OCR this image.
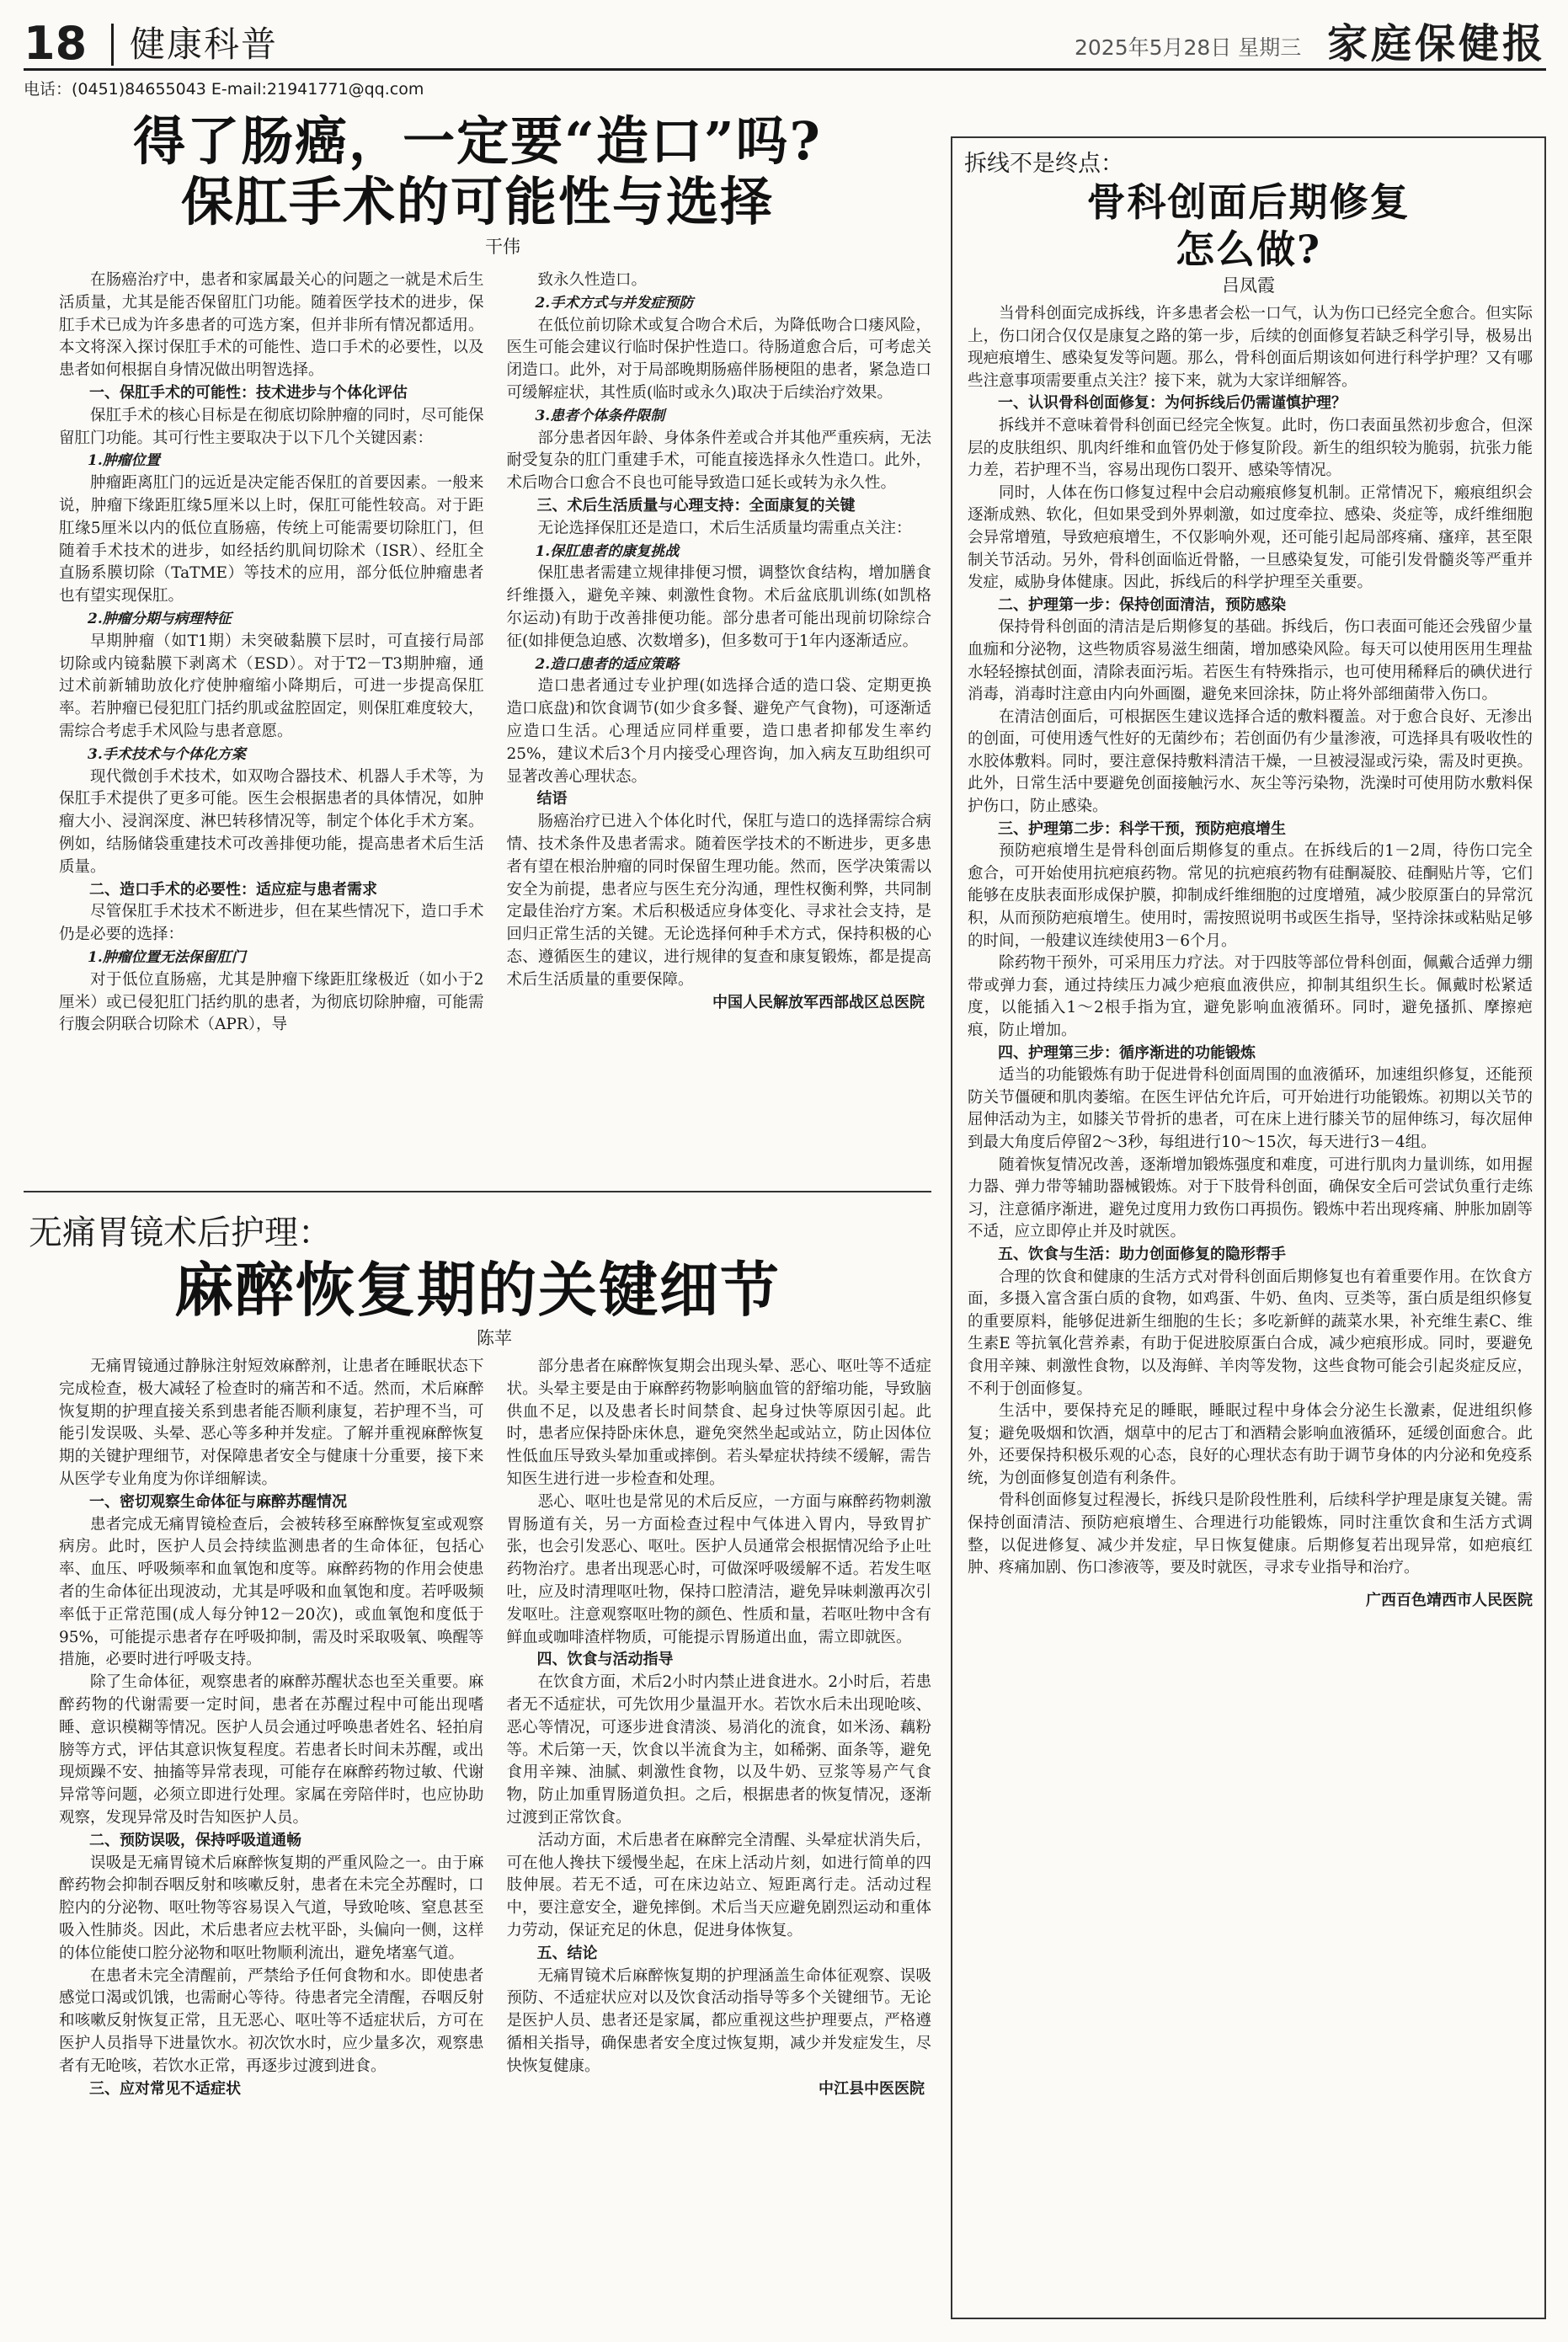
18 健康科普	2025年5月28日 星期三 家庭保健报
电话：(0451)84655043 E-mail:21941771@qq.com
得了肠癌，一定要“造口”吗?
保肛手术的可能性与选择
干伟

在肠癌治疗中，患者和家属最关心的问题之一就是术后生活质量，尤其是能否保留肛门功能。随着医学技术的进步，保肛手术已成为许多患者的可选方案，但并非所有情况都适用。本文将深入探讨保肛手术的可能性、造口手术的必要性，以及患者如何根据自身情况做出明智选择。

一、保肛手术的可能性：技术进步与个体化评估

保肛手术的核心目标是在彻底切除肿瘤的同时，尽可能保留肛门功能。其可行性主要取决于以下几个关键因素：

1.肿瘤位置

肿瘤距离肛门的远近是决定能否保肛的首要因素。一般来说，肿瘤下缘距肛缘5厘米以上时，保肛可能性较高。对于距肛缘5厘米以内的低位直肠癌，传统上可能需要切除肛门，但随着手术技术的进步，如经括约肌间切除术（ISR）、经肛全直肠系膜切除（TaTME）等技术的应用，部分低位肿瘤患者也有望实现保肛。

2.肿瘤分期与病理特征

早期肿瘤（如T1期）未突破黏膜下层时，可直接行局部切除或内镜黏膜下剥离术（ESD）。对于T2－T3期肿瘤，通过术前新辅助放化疗使肿瘤缩小降期后，可进一步提高保肛率。若肿瘤已侵犯肛门括约肌或盆腔固定，则保肛难度较大，需综合考虑手术风险与患者意愿。

3.手术技术与个体化方案

现代微创手术技术，如双吻合器技术、机器人手术等，为保肛手术提供了更多可能。医生会根据患者的具体情况，如肿瘤大小、浸润深度、淋巴转移情况等，制定个体化手术方案。例如，结肠储袋重建技术可改善排便功能，提高患者术后生活质量。

二、造口手术的必要性：适应症与患者需求

尽管保肛手术技术不断进步，但在某些情况下，造口手术仍是必要的选择：

1.肿瘤位置无法保留肛门

对于低位直肠癌，尤其是肿瘤下缘距肛缘极近（如小于2厘米）或已侵犯肛门括约肌的患者，为彻底切除肿瘤，可能需行腹会阴联合切除术（APR），导

致永久性造口。

2.手术方式与并发症预防

在低位前切除术或复合吻合术后，为降低吻合口瘘风险，医生可能会建议行临时保护性造口。待肠道愈合后，可考虑关闭造口。此外，对于局部晚期肠癌伴肠梗阻的患者，紧急造口可缓解症状，其性质(临时或永久)取决于后续治疗效果。

3.患者个体条件限制

部分患者因年龄、身体条件差或合并其他严重疾病，无法耐受复杂的肛门重建手术，可能直接选择永久性造口。此外，术后吻合口愈合不良也可能导致造口延长或转为永久性。

三、术后生活质量与心理支持：全面康复的关键

无论选择保肛还是造口，术后生活质量均需重点关注：

1.保肛患者的康复挑战

保肛患者需建立规律排便习惯，调整饮食结构，增加膳食纤维摄入，避免辛辣、刺激性食物。术后盆底肌训练(如凯格尔运动)有助于改善排便功能。部分患者可能出现前切除综合征(如排便急迫感、次数增多)，但多数可于1年内逐渐适应。

2.造口患者的适应策略

造口患者通过专业护理(如选择合适的造口袋、定期更换造口底盘)和饮食调节(如少食多餐、避免产气食物)，可逐渐适应造口生活。心理适应同样重要，造口患者抑郁发生率约25%，建议术后3个月内接受心理咨询，加入病友互助组织可显著改善心理状态。

结语

肠癌治疗已进入个体化时代，保肛与造口的选择需综合病情、技术条件及患者需求。随着医学技术的不断进步，更多患者有望在根治肿瘤的同时保留生理功能。然而，医学决策需以安全为前提，患者应与医生充分沟通，理性权衡利弊，共同制定最佳治疗方案。术后积极适应身体变化、寻求社会支持，是回归正常生活的关键。无论选择何种手术方式，保持积极的心态、遵循医生的建议，进行规律的复查和康复锻炼，都是提高术后生活质量的重要保障。

中国人民解放军西部战区总医院

无痛胃镜术后护理：
麻醉恢复期的关键细节
陈苹

无痛胃镜通过静脉注射短效麻醉剂，让患者在睡眠状态下完成检查，极大减轻了检查时的痛苦和不适。然而，术后麻醉恢复期的护理直接关系到患者能否顺利康复，若护理不当，可能引发误吸、头晕、恶心等多种并发症。了解并重视麻醉恢复期的关键护理细节，对保障患者安全与健康十分重要，接下来从医学专业角度为你详细解读。

一、密切观察生命体征与麻醉苏醒情况

患者完成无痛胃镜检查后，会被转移至麻醉恢复室或观察病房。此时，医护人员会持续监测患者的生命体征，包括心率、血压、呼吸频率和血氧饱和度等。麻醉药物的作用会使患者的生命体征出现波动，尤其是呼吸和血氧饱和度。若呼吸频率低于正常范围(成人每分钟12－20次)，或血氧饱和度低于95%，可能提示患者存在呼吸抑制，需及时采取吸氧、唤醒等措施，必要时进行呼吸支持。

除了生命体征，观察患者的麻醉苏醒状态也至关重要。麻醉药物的代谢需要一定时间，患者在苏醒过程中可能出现嗜睡、意识模糊等情况。医护人员会通过呼唤患者姓名、轻拍肩膀等方式，评估其意识恢复程度。若患者长时间未苏醒，或出现烦躁不安、抽搐等异常表现，可能存在麻醉药物过敏、代谢异常等问题，必须立即进行处理。家属在旁陪伴时，也应协助观察，发现异常及时告知医护人员。

二、预防误吸，保持呼吸道通畅

误吸是无痛胃镜术后麻醉恢复期的严重风险之一。由于麻醉药物会抑制吞咽反射和咳嗽反射，患者在未完全苏醒时，口腔内的分泌物、呕吐物等容易误入气道，导致呛咳、窒息甚至吸入性肺炎。因此，术后患者应去枕平卧，头偏向一侧，这样的体位能使口腔分泌物和呕吐物顺利流出，避免堵塞气道。

在患者未完全清醒前，严禁给予任何食物和水。即使患者感觉口渴或饥饿，也需耐心等待。待患者完全清醒，吞咽反射和咳嗽反射恢复正常，且无恶心、呕吐等不适症状后，方可在医护人员指导下进量饮水。初次饮水时，应少量多次，观察患者有无呛咳，若饮水正常，再逐步过渡到进食。

三、应对常见不适症状

部分患者在麻醉恢复期会出现头晕、恶心、呕吐等不适症状。头晕主要是由于麻醉药物影响脑血管的舒缩功能，导致脑供血不足，以及患者长时间禁食、起身过快等原因引起。此时，患者应保持卧床休息，避免突然坐起或站立，防止因体位性低血压导致头晕加重或摔倒。若头晕症状持续不缓解，需告知医生进行进一步检查和处理。

恶心、呕吐也是常见的术后反应，一方面与麻醉药物刺激胃肠道有关，另一方面检查过程中气体进入胃内，导致胃扩张，也会引发恶心、呕吐。医护人员通常会根据情况给予止吐药物治疗。患者出现恶心时，可做深呼吸缓解不适。若发生呕吐，应及时清理呕吐物，保持口腔清洁，避免异味刺激再次引发呕吐。注意观察呕吐物的颜色、性质和量，若呕吐物中含有鲜血或咖啡渣样物质，可能提示胃肠道出血，需立即就医。

四、饮食与活动指导

在饮食方面，术后2小时内禁止进食进水。2小时后，若患者无不适症状，可先饮用少量温开水。若饮水后未出现呛咳、恶心等情况，可逐步进食清淡、易消化的流食，如米汤、藕粉等。术后第一天，饮食以半流食为主，如稀粥、面条等，避免食用辛辣、油腻、刺激性食物，以及牛奶、豆浆等易产气食物，防止加重胃肠道负担。之后，根据患者的恢复情况，逐渐过渡到正常饮食。

活动方面，术后患者在麻醉完全清醒、头晕症状消失后，可在他人搀扶下缓慢坐起，在床上活动片刻，如进行简单的四肢伸展。若无不适，可在床边站立、短距离行走。活动过程中，要注意安全，避免摔倒。术后当天应避免剧烈运动和重体力劳动，保证充足的休息，促进身体恢复。

五、结论

无痛胃镜术后麻醉恢复期的护理涵盖生命体征观察、误吸预防、不适症状应对以及饮食活动指导等多个关键细节。无论是医护人员、患者还是家属，都应重视这些护理要点，严格遵循相关指导，确保患者安全度过恢复期，减少并发症发生，尽快恢复健康。

中江县中医医院

拆线不是终点：
骨科创面后期修复
怎么做?
吕凤霞

当骨科创面完成拆线，许多患者会松一口气，认为伤口已经完全愈合。但实际上，伤口闭合仅仅是康复之路的第一步，后续的创面修复若缺乏科学引导，极易出现疤痕增生、感染复发等问题。那么，骨科创面后期该如何进行科学护理？又有哪些注意事项需要重点关注？接下来，就为大家详细解答。

一、认识骨科创面修复：为何拆线后仍需谨慎护理？

拆线并不意味着骨科创面已经完全恢复。此时，伤口表面虽然初步愈合，但深层的皮肤组织、肌肉纤维和血管仍处于修复阶段。新生的组织较为脆弱，抗张力能力差，若护理不当，容易出现伤口裂开、感染等情况。

同时，人体在伤口修复过程中会启动瘢痕修复机制。正常情况下，瘢痕组织会逐渐成熟、软化，但如果受到外界刺激，如过度牵拉、感染、炎症等，成纤维细胞会异常增殖，导致疤痕增生，不仅影响外观，还可能引起局部疼痛、瘙痒，甚至限制关节活动。另外，骨科创面临近骨骼，一旦感染复发，可能引发骨髓炎等严重并发症，威胁身体健康。因此，拆线后的科学护理至关重要。

二、护理第一步：保持创面清洁，预防感染

保持骨科创面的清洁是后期修复的基础。拆线后，伤口表面可能还会残留少量血痂和分泌物，这些物质容易滋生细菌，增加感染风险。每天可以使用医用生理盐水轻轻擦拭创面，清除表面污垢。若医生有特殊指示，也可使用稀释后的碘伏进行消毒，消毒时注意由内向外画圈，避免来回涂抹，防止将外部细菌带入伤口。

在清洁创面后，可根据医生建议选择合适的敷料覆盖。对于愈合良好、无渗出的创面，可使用透气性好的无菌纱布；若创面仍有少量渗液，可选择具有吸收性的水胶体敷料。同时，要注意保持敷料清洁干燥，一旦被浸湿或污染，需及时更换。此外，日常生活中要避免创面接触污水、灰尘等污染物，洗澡时可使用防水敷料保护伤口，防止感染。

三、护理第二步：科学干预，预防疤痕增生

预防疤痕增生是骨科创面后期修复的重点。在拆线后的1－2周，待伤口完全愈合，可开始使用抗疤痕药物。常见的抗疤痕药物有硅酮凝胶、硅酮贴片等，它们能够在皮肤表面形成保护膜，抑制成纤维细胞的过度增殖，减少胶原蛋白的异常沉积，从而预防疤痕增生。使用时，需按照说明书或医生指导，坚持涂抹或粘贴足够的时间，一般建议连续使用3－6个月。

除药物干预外，可采用压力疗法。对于四肢等部位骨科创面，佩戴合适弹力绷带或弹力套，通过持续压力减少疤痕血液供应，抑制其组织生长。佩戴时松紧适度，以能插入1～2根手指为宜，避免影响血液循环。同时，避免搔抓、摩擦疤痕，防止增加。

四、护理第三步：循序渐进的功能锻炼

适当的功能锻炼有助于促进骨科创面周围的血液循环，加速组织修复，还能预防关节僵硬和肌肉萎缩。在医生评估允许后，可开始进行功能锻炼。初期以关节的屈伸活动为主，如膝关节骨折的患者，可在床上进行膝关节的屈伸练习，每次屈伸到最大角度后停留2～3秒，每组进行10～15次，每天进行3－4组。

随着恢复情况改善，逐渐增加锻炼强度和难度，可进行肌肉力量训练，如用握力器、弹力带等辅助器械锻炼。对于下肢骨科创面，确保安全后可尝试负重行走练习，注意循序渐进，避免过度用力致伤口再损伤。锻炼中若出现疼痛、肿胀加剧等不适，应立即停止并及时就医。

五、饮食与生活：助力创面修复的隐形帮手

合理的饮食和健康的生活方式对骨科创面后期修复也有着重要作用。在饮食方面，多摄入富含蛋白质的食物，如鸡蛋、牛奶、鱼肉、豆类等，蛋白质是组织修复的重要原料，能够促进新生细胞的生长；多吃新鲜的蔬菜水果，补充维生素C、维生素E 等抗氧化营养素，有助于促进胶原蛋白合成，减少疤痕形成。同时，要避免食用辛辣、刺激性食物，以及海鲜、羊肉等发物，这些食物可能会引起炎症反应，不利于创面修复。

生活中，要保持充足的睡眠，睡眠过程中身体会分泌生长激素，促进组织修复；避免吸烟和饮酒，烟草中的尼古丁和酒精会影响血液循环，延缓创面愈合。此外，还要保持积极乐观的心态，良好的心理状态有助于调节身体的内分泌和免疫系统，为创面修复创造有利条件。

骨科创面修复过程漫长，拆线只是阶段性胜利，后续科学护理是康复关键。需保持创面清洁、预防疤痕增生、合理进行功能锻炼，同时注重饮食和生活方式调整，以促进修复、减少并发症，早日恢复健康。后期修复若出现异常，如疤痕红肿、疼痛加剧、伤口渗液等，要及时就医，寻求专业指导和治疗。

广西百色靖西市人民医院
